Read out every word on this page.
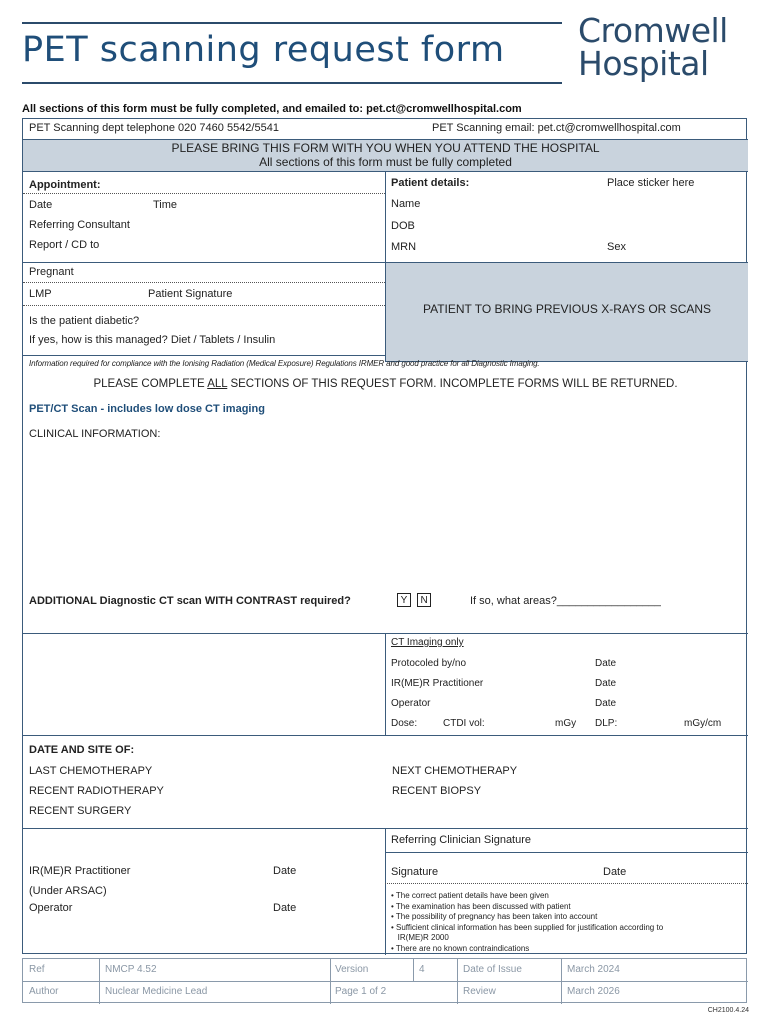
PET scanning request form Cromwell
Hospital
All sections of this form must be fully completed, and emailed to: pet.ct@cromwellhospital.com
PET Scanning dept telephone 020 7460 5542/5541	PET Scanning email: pet.ct@cromwellhospital.com
PLEASE BRING THIS FORM WITH YOU WHEN YOU ATTEND THE HOSPITAL
All sections of this form must be fully completed
Appointment:
Date	Time
Referring Consultant
Report / CD to
Patient details:	Place sticker here
Name
DOB
MRN	Sex
Pregnant
LMP	Patient Signature
Is the patient diabetic?
If yes, how is this managed? Diet / Tablets / Insulin
PATIENT TO BRING PREVIOUS X-RAYS OR SCANS
Information required for compliance with the Ionising Radiation (Medical Exposure) Regulations IRMER and good practice for all Diagnostic Imaging.
PLEASE COMPLETE ALL SECTIONS OF THIS REQUEST FORM. INCOMPLETE FORMS WILL BE RETURNED.
PET/CT Scan - includes low dose CT imaging
CLINICAL INFORMATION:
ADDITIONAL Diagnostic CT scan WITH CONTRAST required?	Y N	If so, what areas?_________________
CT Imaging only
Protocoled by/no	Date
IR(ME)R Practitioner	Date
Operator	Date
Dose:	CTDI vol:	mGy DLP:	mGy/cm
DATE AND SITE OF:
LAST CHEMOTHERAPY	NEXT CHEMOTHERAPY
RECENT RADIOTHERAPY	RECENT BIOPSY
RECENT SURGERY
IR(ME)R Practitioner	Date
(Under ARSAC)
Operator	Date
Referring Clinician Signature
Signature	Date
• The correct patient details have been given
• The examination has been discussed with patient
• The possibility of pregnancy has been taken into account
• Sufficient clinical information has been supplied for justification according to
IR(ME)R 2000
• There are no known contraindications
Ref	NMCP 4.52	Version	4	Date of Issue	March 2024
Author	Nuclear Medicine Lead	Page 1 of 2	Review	March 2026
CH2100.4.24
